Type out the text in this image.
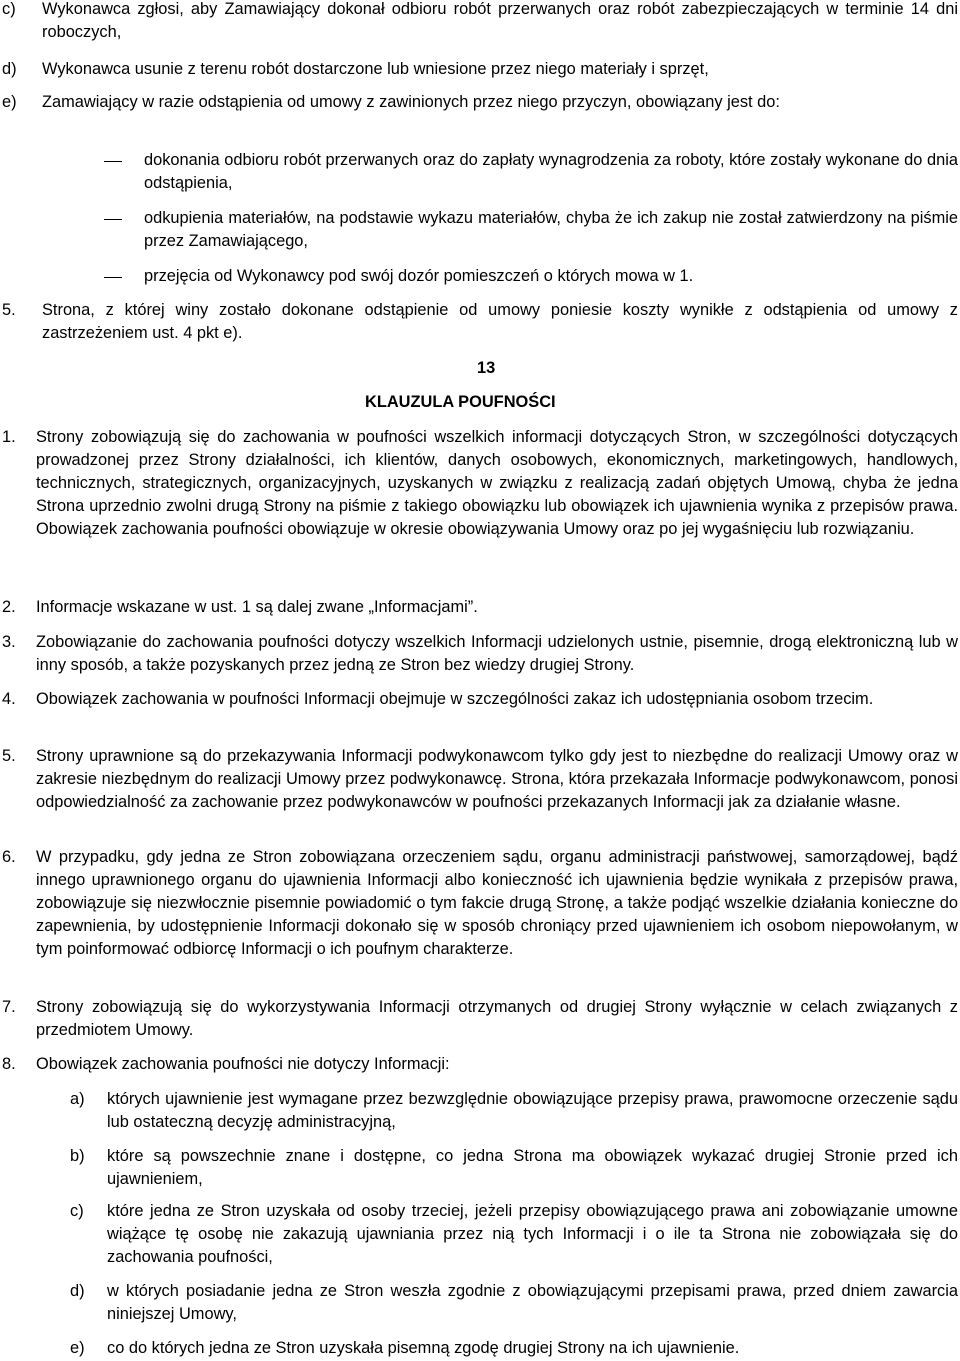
c)	Wykonawca zgłosi, aby Zamawiający dokonał odbioru robót przerwanych oraz robót zabezpieczających w terminie 14 dni roboczych,
d)	Wykonawca usunie z terenu robót dostarczone lub wniesione przez niego materiały i sprzęt,
e)	Zamawiający w razie odstąpienia od umowy z zawinionych przez niego przyczyn, obowiązany jest do:
dokonania odbioru robót przerwanych oraz do zapłaty wynagrodzenia za roboty, które zostały wykonane do dnia odstąpienia,
odkupienia materiałów, na podstawie wykazu materiałów, chyba że ich zakup nie został zatwierdzony na piśmie przez Zamawiającego,
przejęcia od Wykonawcy pod swój dozór pomieszczeń o których mowa w 1.
5.	Strona, z której winy zostało dokonane odstąpienie od umowy poniesie koszty wynikłe z odstąpienia od umowy z zastrzeżeniem ust. 4 pkt e).
13
KLAUZULA POUFNOŚCI
1.	Strony zobowiązują się do zachowania w poufności wszelkich informacji dotyczących Stron, w szczególności dotyczących prowadzonej przez Strony działalności, ich klientów, danych osobowych, ekonomicznych, marketingowych, handlowych, technicznych, strategicznych, organizacyjnych, uzyskanych w związku z realizacją zadań objętych Umową, chyba że jedna Strona uprzednio zwolni drugą Strony na piśmie z takiego obowiązku lub obowiązek ich ujawnienia wynika z przepisów prawa. Obowiązek zachowania poufności obowiązuje w okresie obowiązywania Umowy oraz po jej wygaśnięciu lub rozwiązaniu.
2.	Informacje wskazane w ust. 1 są dalej zwane „Informacjami”.
3.	Zobowiązanie do zachowania poufności dotyczy wszelkich Informacji udzielonych ustnie, pisemnie, drogą elektroniczną lub w inny sposób, a także pozyskanych przez jedną ze Stron bez wiedzy drugiej Strony.
4.	Obowiązek zachowania w poufności Informacji obejmuje w szczególności zakaz ich udostępniania osobom trzecim.
5.	Strony uprawnione są do przekazywania Informacji podwykonawcom tylko gdy jest to niezbędne do realizacji Umowy oraz w zakresie niezbędnym do realizacji Umowy przez podwykonawcę. Strona, która przekazała Informacje podwykonawcom, ponosi odpowiedzialność za zachowanie przez podwykonawców w poufności przekazanych Informacji jak za działanie własne.
6.	W przypadku, gdy jedna ze Stron zobowiązana orzeczeniem sądu, organu administracji państwowej, samorządowej, bądź innego uprawnionego organu do ujawnienia Informacji albo konieczność ich ujawnienia będzie wynikała z przepisów prawa, zobowiązuje się niezwłocznie pisemnie powiadomić o tym fakcie drugą Stronę, a także podjąć wszelkie działania konieczne do zapewnienia, by udostępnienie Informacji dokonało się w sposób chroniący przed ujawnieniem ich osobom niepowołanym, w tym poinformować odbiorcę Informacji o ich poufnym charakterze.
7.	Strony zobowiązują się do wykorzystywania Informacji otrzymanych od drugiej Strony wyłącznie w celach związanych z przedmiotem Umowy.
8.	Obowiązek zachowania poufności nie dotyczy Informacji:
a)	których ujawnienie jest wymagane przez bezwzględnie obowiązujące przepisy prawa, prawomocne orzeczenie sądu lub ostateczną decyzję administracyjną,
b)	które są powszechnie znane i dostępne, co jedna Strona ma obowiązek wykazać drugiej Stronie przed ich ujawnieniem,
c)	które jedna ze Stron uzyskała od osoby trzeciej, jeżeli przepisy obowiązującego prawa ani zobowiązanie umowne wiążące tę osobę nie zakazują ujawniania przez nią tych Informacji i o ile ta Strona nie zobowiązała się do zachowania poufności,
d)	w których posiadanie jedna ze Stron weszła zgodnie z obowiązującymi przepisami prawa, przed dniem zawarcia niniejszej Umowy,
e)	co do których jedna ze Stron uzyskała pisemną zgodę drugiej Strony na ich ujawnienie.
